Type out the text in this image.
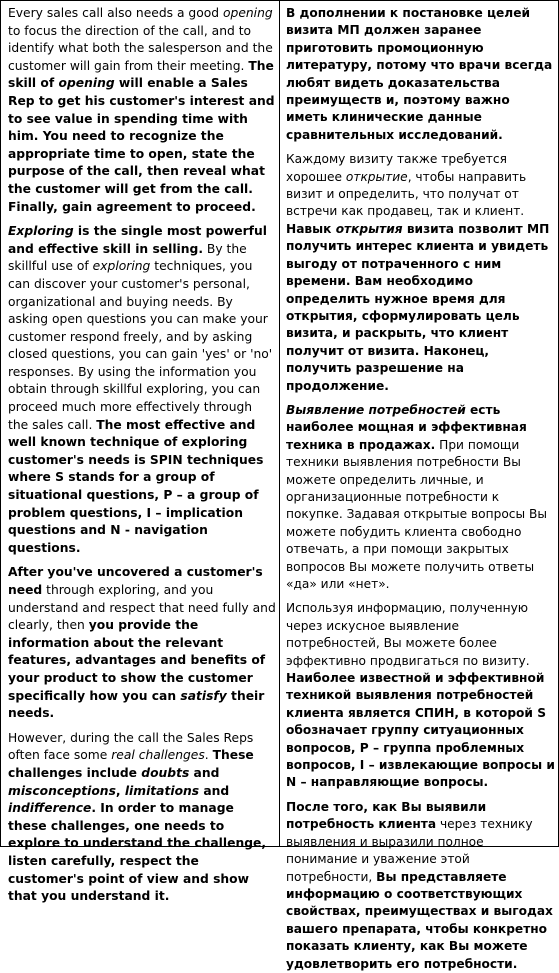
Every sales call also needs a good opening to focus the direction of the call, and to identify what both the salesperson and the customer will gain from their meeting. The skill of opening will enable a Sales Rep to get his customer's interest and to see value in spending time with him. You need to recognize the appropriate time to open, state the purpose of the call, then reveal what the customer will get from the call. Finally, gain agreement to proceed.

Exploring is the single most powerful and effective skill in selling. By the skillful use of exploring techniques, you can discover your customer's personal, organizational and buying needs. By asking open questions you can make your customer respond freely, and by asking closed questions, you can gain 'yes' or 'no' responses. By using the information you obtain through skillful exploring, you can proceed much more effectively through the sales call. The most effective and well known technique of exploring customer's needs is SPIN techniques where S stands for a group of situational questions, P – a group of problem questions, I – implication questions and N - navigation questions.

After you've uncovered a customer's need through exploring, and you understand and respect that need fully and clearly, then you provide the information about the relevant features, advantages and benefits of your product to show the customer specifically how you can satisfy their needs.

However, during the call the Sales Reps often face some real challenges. These challenges include doubts and misconceptions, limitations and indifference. In order to manage these challenges, one needs to explore to understand the challenge, listen carefully, respect the customer's point of view and show that you understand it.

В дополнении к постановке целей визита МП должен заранее приготовить промоционную литературу, потому что врачи всегда любят видеть доказательства преимуществ и, поэтому важно иметь клинические данные сравнительных исследований.

Каждому визиту также требуется хорошее открытие, чтобы направить визит и определить, что получат от встречи как продавец, так и клиент. Навык открытия визита позволит МП получить интерес клиента и увидеть выгоду от потраченного с ним времени. Вам необходимо определить нужное время для открытия, сформулировать цель визита, и раскрыть, что клиент получит от визита. Наконец, получить разрешение на продолжение.

Выявление потребностей есть наиболее мощная и эффективная техника в продажах. При помощи техники выявления потребности Вы можете определить личные, и организационные потребности к покупке. Задавая открытые вопросы Вы можете побудить клиента свободно отвечать, а при помощи закрытых вопросов Вы можете получить ответы «да» или «нет».

Используя информацию, полученную через искусное выявление потребностей, Вы можете более эффективно продвигаться по визиту. Наиболее известной и эффективной техникой выявления потребностей клиента является СПИН, в которой S обозначает группу ситуационных вопросов, P – группа проблемных вопросов, I – извлекающие вопросы и N – направляющие вопросы.

После того, как Вы выявили потребность клиента через технику выявления и выразили полное понимание и уважение этой потребности, Вы представляете информацию о соответствующих свойствах, преимуществах и выгодах вашего препарата, чтобы конкретно показать клиенту, как Вы можете удовлетворить его потребности.
